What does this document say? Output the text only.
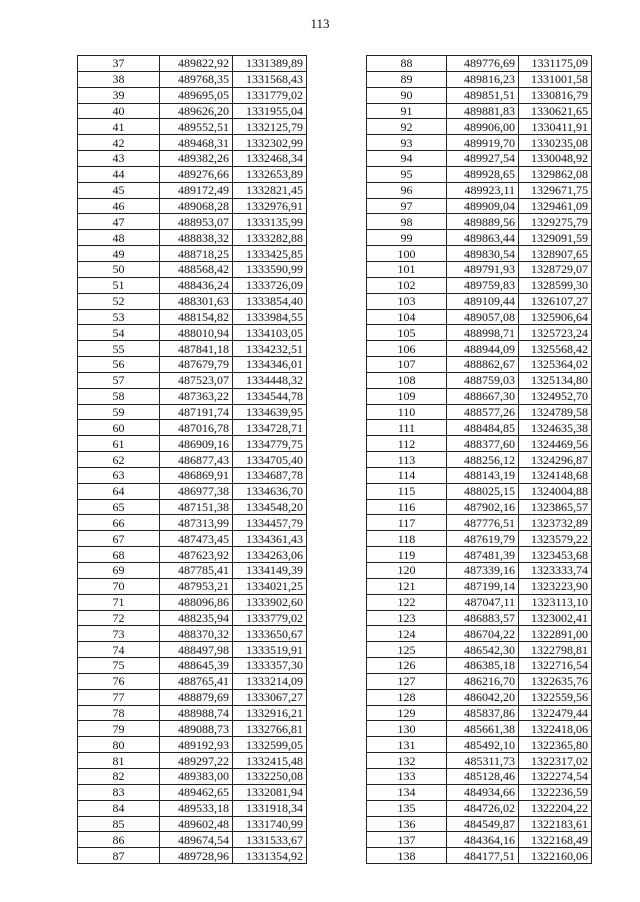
113
37	489822,92	1331389,89
38	489768,35	1331568,43
39	489695,05	1331779,02
40	489626,20	1331955,04
41	489552,51	1332125,79
42	489468,31	1332302,99
43	489382,26	1332468,34
44	489276,66	1332653,89
45	489172,49	1332821,45
46	489068,28	1332976,91
47	488953,07	1333135,99
48	488838,32	1333282,88
49	488718,25	1333425,85
50	488568,42	1333590,99
51	488436,24	1333726,09
52	488301,63	1333854,40
53	488154,82	1333984,55
54	488010,94	1334103,05
55	487841,18	1334232,51
56	487679,79	1334346,01
57	487523,07	1334448,32
58	487363,22	1334544,78
59	487191,74	1334639,95
60	487016,78	1334728,71
61	486909,16	1334779,75
62	486877,43	1334705,40
63	486869,91	1334687,78
64	486977,38	1334636,70
65	487151,38	1334548,20
66	487313,99	1334457,79
67	487473,45	1334361,43
68	487623,92	1334263,06
69	487785,41	1334149,39
70	487953,21	1334021,25
71	488096,86	1333902,60
72	488235,94	1333779,02
73	488370,32	1333650,67
74	488497,98	1333519,91
75	488645,39	1333357,30
76	488765,41	1333214,09
77	488879,69	1333067,27
78	488988,74	1332916,21
79	489088,73	1332766,81
80	489192,93	1332599,05
81	489297,22	1332415,48
82	489383,00	1332250,08
83	489462,65	1332081,94
84	489533,18	1331918,34
85	489602,48	1331740,99
86	489674,54	1331533,67
87	489728,96	1331354,92
88	489776,69	1331175,09
89	489816,23	1331001,58
90	489851,51	1330816,79
91	489881,83	1330621,65
92	489906,00	1330411,91
93	489919,70	1330235,08
94	489927,54	1330048,92
95	489928,65	1329862,08
96	489923,11	1329671,75
97	489909,04	1329461,09
98	489889,56	1329275,79
99	489863,44	1329091,59
100	489830,54	1328907,65
101	489791,93	1328729,07
102	489759,83	1328599,30
103	489109,44	1326107,27
104	489057,08	1325906,64
105	488998,71	1325723,24
106	488944,09	1325568,42
107	488862,67	1325364,02
108	488759,03	1325134,80
109	488667,30	1324952,70
110	488577,26	1324789,58
111	488484,85	1324635,38
112	488377,60	1324469,56
113	488256,12	1324296,87
114	488143,19	1324148,68
115	488025,15	1324004,88
116	487902,16	1323865,57
117	487776,51	1323732,89
118	487619,79	1323579,22
119	487481,39	1323453,68
120	487339,16	1323333,74
121	487199,14	1323223,90
122	487047,11	1323113,10
123	486883,57	1323002,41
124	486704,22	1322891,00
125	486542,30	1322798,81
126	486385,18	1322716,54
127	486216,70	1322635,76
128	486042,20	1322559,56
129	485837,86	1322479,44
130	485661,38	1322418,06
131	485492,10	1322365,80
132	485311,73	1322317,02
133	485128,46	1322274,54
134	484934,66	1322236,59
135	484726,02	1322204,22
136	484549,87	1322183,61
137	484364,16	1322168,49
138	484177,51	1322160,06
